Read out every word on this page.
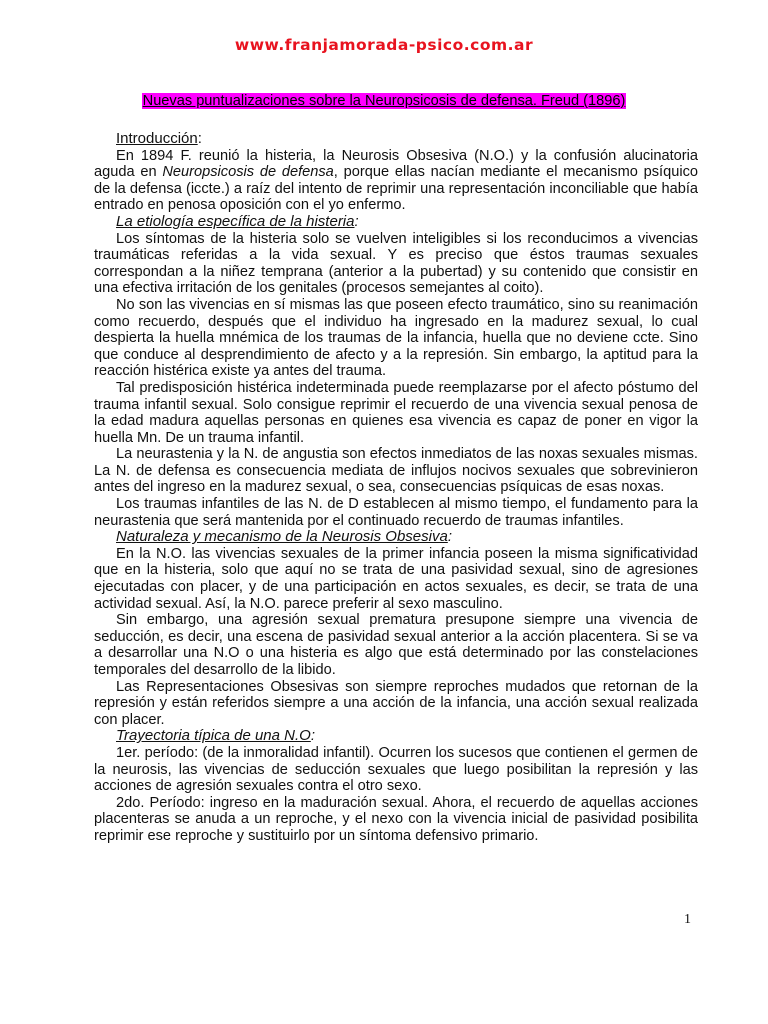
www.franjamorada-psico.com.ar
Nuevas puntualizaciones sobre la Neuropsicosis de defensa. Freud (1896)
Introducción:

En 1894 F. reunió la histeria, la Neurosis Obsesiva (N.O.) y la confusión alucinatoria aguda en Neuropsicosis de defensa, porque ellas nacían mediante el mecanismo psíquico de la defensa (iccte.) a raíz del intento de reprimir una representación inconciliable que había entrado en penosa oposición con el yo enfermo.

La etiología específica de la histeria:

Los síntomas de la histeria solo se vuelven inteligibles si los reconducimos a vivencias traumáticas referidas a la vida sexual. Y es preciso que éstos traumas sexuales correspondan a la niñez temprana (anterior a la pubertad) y su contenido que consistir en una efectiva irritación de los genitales (procesos semejantes al coito).

No son las vivencias en sí mismas las que poseen efecto traumático, sino su reanimación como recuerdo, después que el individuo ha ingresado en la madurez sexual, lo cual despierta la huella mnémica de los traumas de la infancia, huella que no deviene ccte. Sino que conduce al desprendimiento de afecto y a la represión. Sin embargo, la aptitud para la reacción histérica existe ya antes del trauma.

Tal predisposición histérica indeterminada puede reemplazarse por el afecto póstumo del trauma infantil sexual. Solo consigue reprimir el recuerdo de una vivencia sexual penosa de la edad madura aquellas personas en quienes esa vivencia es capaz de poner en vigor la huella Mn. De un trauma infantil.

La neurastenia y la N. de angustia son efectos inmediatos de las noxas sexuales mismas. La N. de defensa es consecuencia mediata de influjos nocivos sexuales que sobrevinieron antes del ingreso en la madurez sexual, o sea, consecuencias psíquicas de esas noxas.

Los traumas infantiles de las N. de D establecen al mismo tiempo, el fundamento para la neurastenia que será mantenida por el continuado recuerdo de traumas infantiles.

Naturaleza y mecanismo de la Neurosis Obsesiva:

En la N.O. las vivencias sexuales de la primer infancia poseen la misma significatividad que en la histeria, solo que aquí no se trata de una pasividad sexual, sino de agresiones ejecutadas con placer, y de una participación en actos sexuales, es decir, se trata de una actividad sexual. Así, la N.O. parece preferir al sexo masculino.

Sin embargo, una agresión sexual prematura presupone siempre una vivencia de seducción, es decir, una escena de pasividad sexual anterior a la acción placentera. Si se va a desarrollar una N.O o una histeria es algo que está determinado por las constelaciones temporales del desarrollo de la libido.

Las Representaciones Obsesivas son siempre reproches mudados que retornan de la represión y están referidos siempre a una acción de la infancia, una acción sexual realizada con placer.

Trayectoria típica de una N.O:

1er. período: (de la inmoralidad infantil). Ocurren los sucesos que contienen el germen de la neurosis, las vivencias de seducción sexuales que luego posibilitan la represión y las acciones de agresión sexuales contra el otro sexo.

2do. Período: ingreso en la maduración sexual. Ahora, el recuerdo de aquellas acciones placenteras se anuda a un reproche, y el nexo con la vivencia inicial de pasividad posibilita reprimir ese reproche y sustituirlo por un síntoma defensivo primario.

1
